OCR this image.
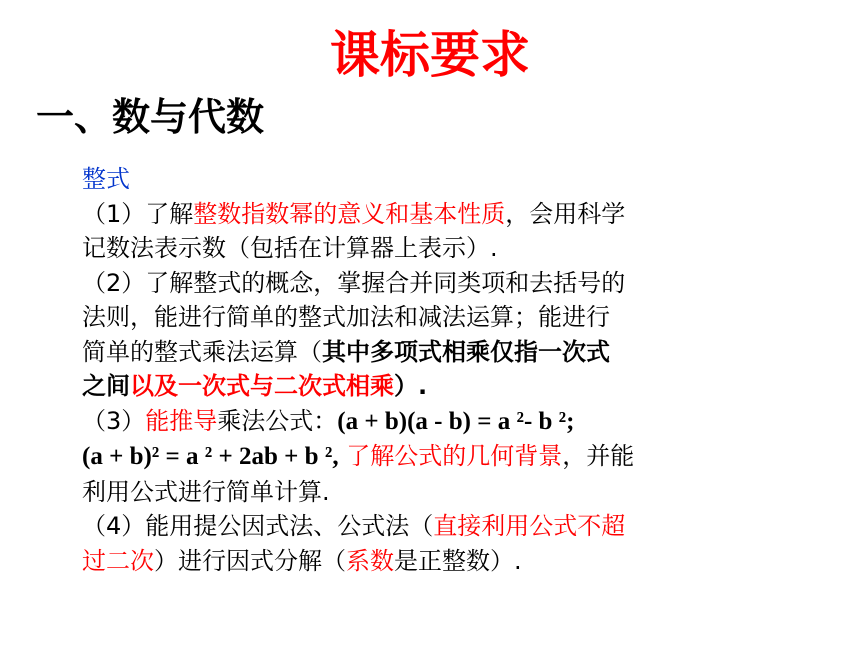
课标要求
一、数与代数
整式
（1）了解整数指数幂的意义和基本性质，会用科学
记数法表示数（包括在计算器上表示）.
（2）了解整式的概念，掌握合并同类项和去括号的
法则，能进行简单的整式加法和减法运算；能进行
简单的整式乘法运算（其中多项式相乘仅指一次式
之间以及一次式与二次式相乘）.
（3）能推导乘法公式：(a + b)(a - b) = a ²- b ²;
(a + b)² = a ² + 2ab + b ², 了解公式的几何背景，并能
利用公式进行简单计算.
（4）能用提公因式法、公式法（直接利用公式不超
过二次）进行因式分解（系数是正整数）.
